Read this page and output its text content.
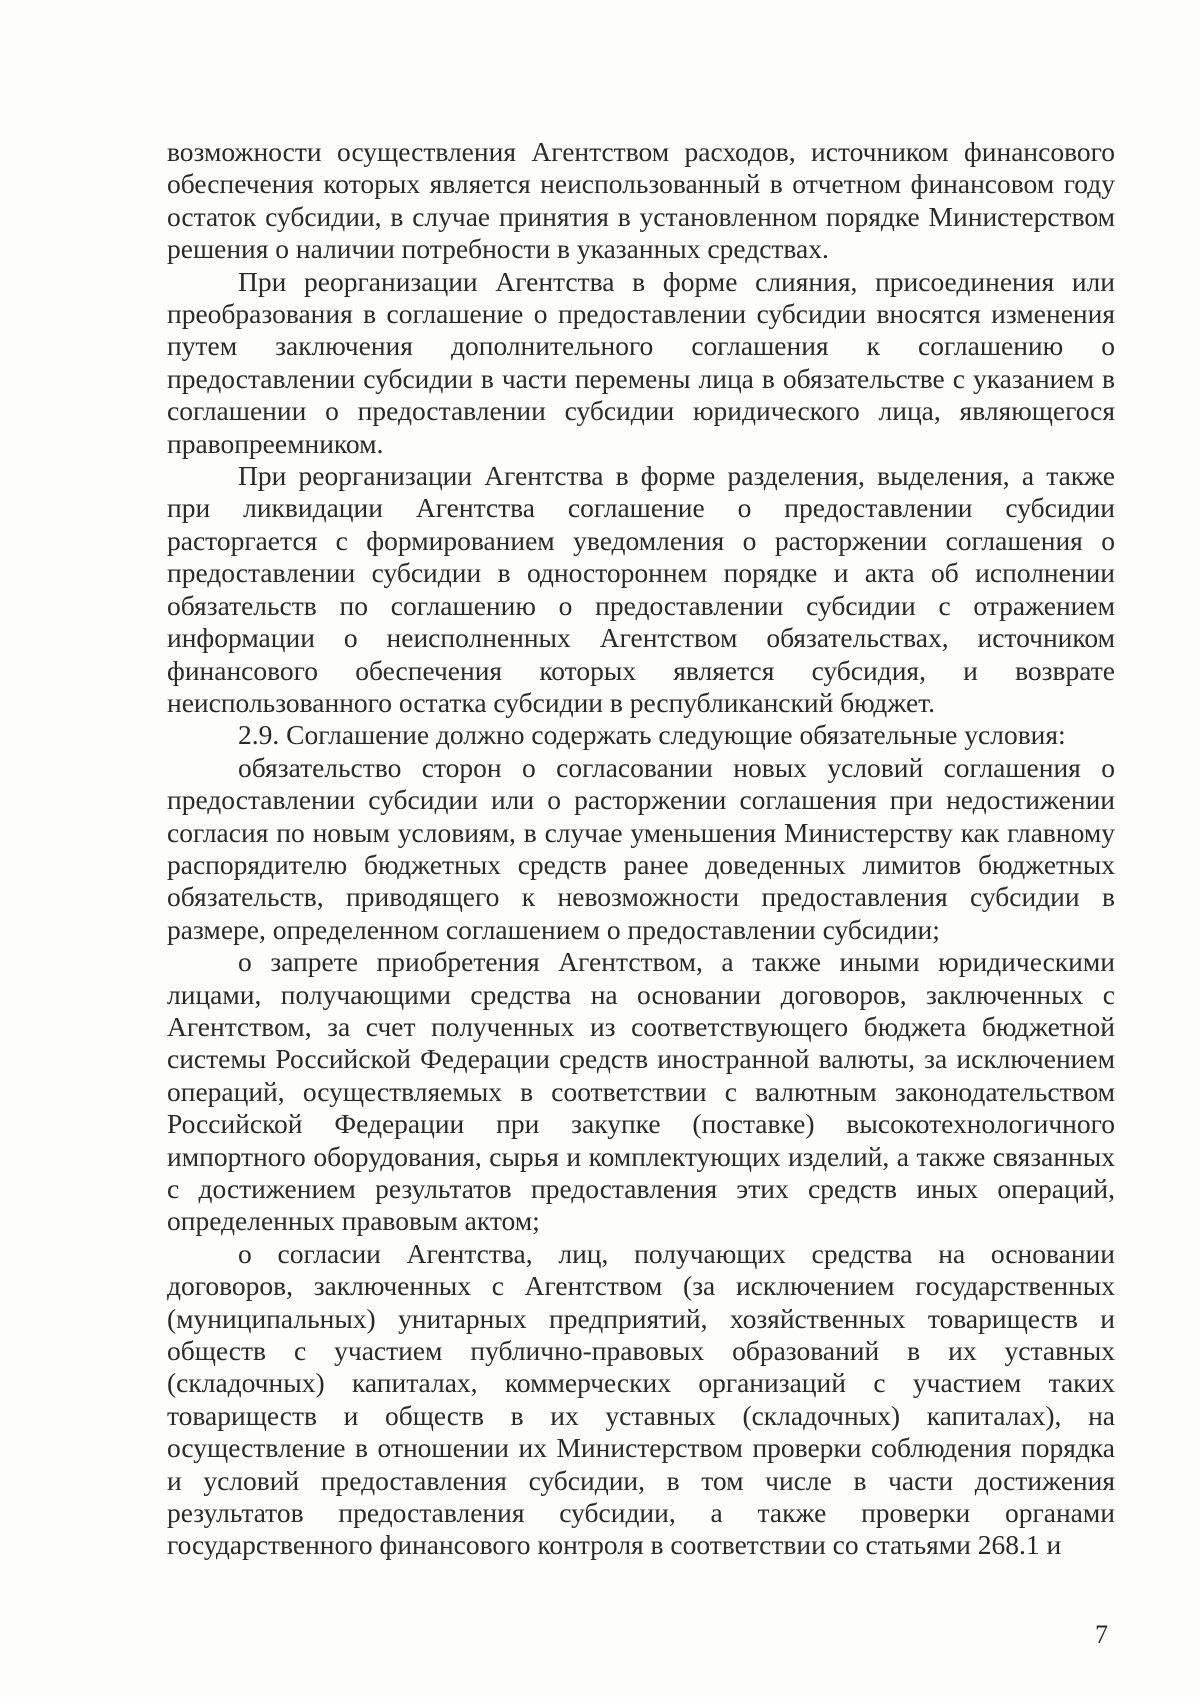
возможности осуществления Агентством расходов, источником финансового обеспечения которых является неиспользованный в отчетном финансовом году остаток субсидии, в случае принятия в установленном порядке Министерством решения о наличии потребности в указанных средствах.

При реорганизации Агентства в форме слияния, присоединения или преобразования в соглашение о предоставлении субсидии вносятся изменения путем заключения дополнительного соглашения к соглашению о предоставлении субсидии в части перемены лица в обязательстве с указанием в соглашении о предоставлении субсидии юридического лица, являющегося правопреемником.

При реорганизации Агентства в форме разделения, выделения, а также при ликвидации Агентства соглашение о предоставлении субсидии расторгается с формированием уведомления о расторжении соглашения о предоставлении субсидии в одностороннем порядке и акта об исполнении обязательств по соглашению о предоставлении субсидии с отражением информации о неисполненных Агентством обязательствах, источником финансового обеспечения которых является субсидия, и возврате неиспользованного остатка субсидии в республиканский бюджет.

2.9. Соглашение должно содержать следующие обязательные условия:

обязательство сторон о согласовании новых условий соглашения о предоставлении субсидии или о расторжении соглашения при недостижении согласия по новым условиям, в случае уменьшения Министерству как главному распорядителю бюджетных средств ранее доведенных лимитов бюджетных обязательств, приводящего к невозможности предоставления субсидии в размере, определенном соглашением о предоставлении субсидии;

о запрете приобретения Агентством, а также иными юридическими лицами, получающими средства на основании договоров, заключенных с Агентством, за счет полученных из соответствующего бюджета бюджетной системы Российской Федерации средств иностранной валюты, за исключением операций, осуществляемых в соответствии с валютным законодательством Российской Федерации при закупке (поставке) высокотехнологичного импортного оборудования, сырья и комплектующих изделий, а также связанных с достижением результатов предоставления этих средств иных операций, определенных правовым актом;

о согласии Агентства, лиц, получающих средства на основании договоров, заключенных с Агентством (за исключением государственных (муниципальных) унитарных предприятий, хозяйственных товариществ и обществ с участием публично-правовых образований в их уставных (складочных) капиталах, коммерческих организаций с участием таких товариществ и обществ в их уставных (складочных) капиталах), на осуществление в отношении их Министерством проверки соблюдения порядка и условий предоставления субсидии, в том числе в части достижения результатов предоставления субсидии, а также проверки органами государственного финансового контроля в соответствии со статьями 268.1 и

7
